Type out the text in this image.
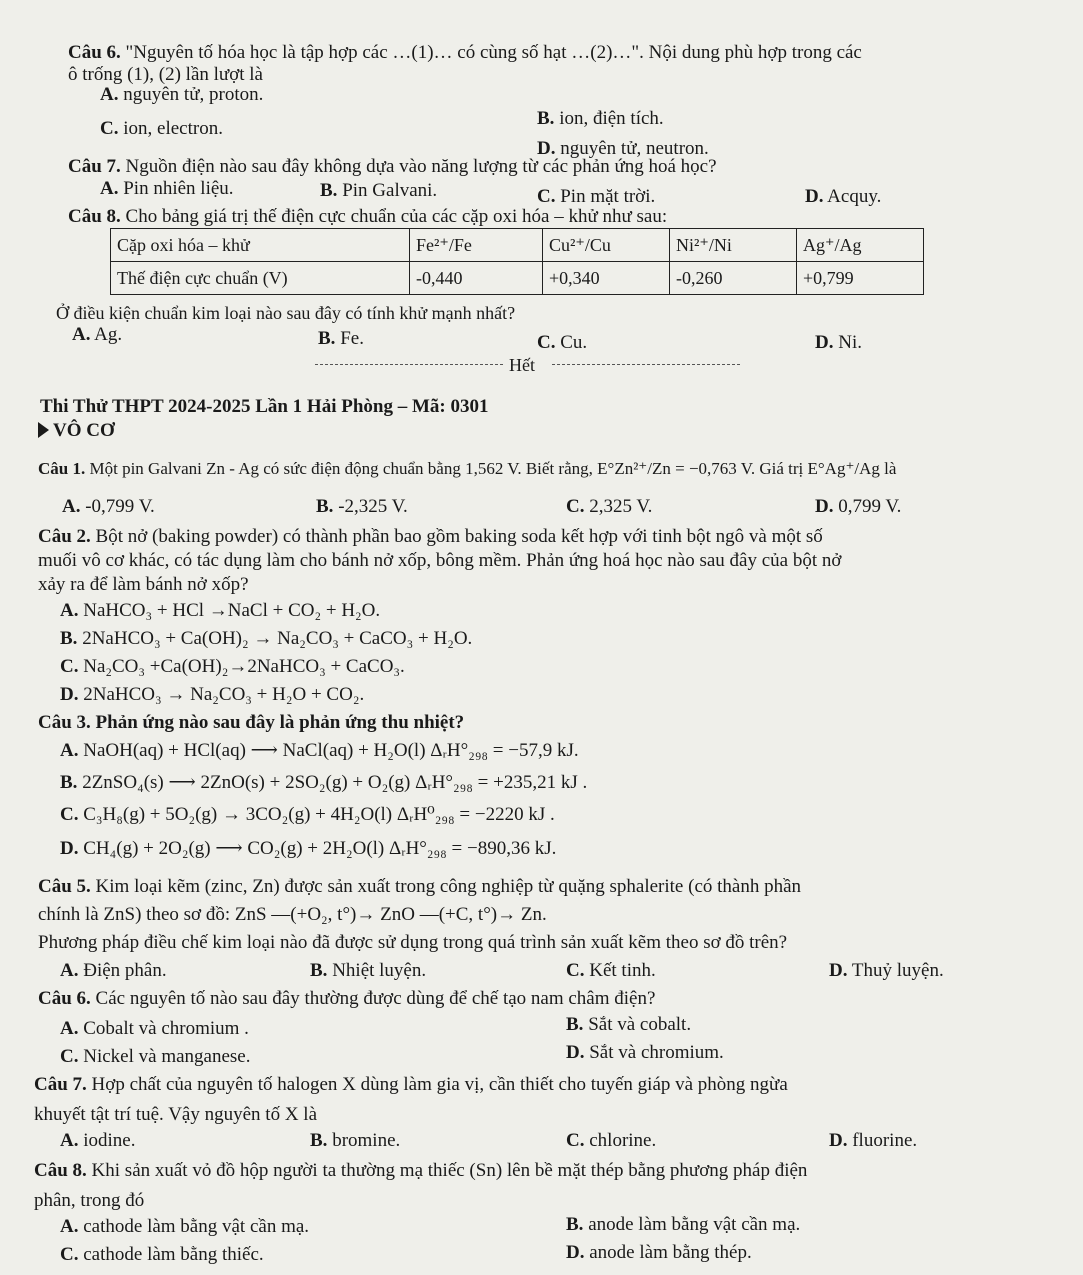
Câu 6. "Nguyên tố hóa học là tập hợp các …(1)… có cùng số hạt …(2)…". Nội dung phù hợp trong các
ô trống (1), (2) lần lượt là
A. nguyên tử, proton.
B. ion, điện tích.
C. ion, electron.
D. nguyên tử, neutron.
Câu 7. Nguồn điện nào sau đây không dựa vào năng lượng từ các phản ứng hoá học?
A. Pin nhiên liệu.	B. Pin Galvani.	C. Pin mặt trời.	D. Acquy.
Câu 8. Cho bảng giá trị thế điện cực chuẩn của các cặp oxi hóa – khử như sau:
Cặp oxi hóa – khử	Fe²⁺/Fe	Cu²⁺/Cu	Ni²⁺/Ni	Ag⁺/Ag
Thế điện cực chuẩn (V)	-0,440	+0,340	-0,260	+0,799
Ở điều kiện chuẩn kim loại nào sau đây có tính khử mạnh nhất?
A. Ag.	B. Fe.	C. Cu.	D. Ni.
Hết
Thi Thử THPT 2024-2025 Lần 1 Hải Phòng – Mã: 0301
VÔ CƠ
Câu 1. Một pin Galvani Zn - Ag có sức điện động chuẩn bằng 1,562 V. Biết rằng, E°Zn²⁺/Zn = −0,763 V. Giá trị E°Ag⁺/Ag là
A. -0,799 V.	B. -2,325 V.	C. 2,325 V.	D. 0,799 V.
Câu 2. Bột nở (baking powder) có thành phần bao gồm baking soda kết hợp với tinh bột ngô và một số
muối vô cơ khác, có tác dụng làm cho bánh nở xốp, bông mềm. Phản ứng hoá học nào sau đây của bột nở
xảy ra để làm bánh nở xốp?
A. NaHCO₃ + HCl →NaCl + CO₂ + H₂O.
B. 2NaHCO₃ + Ca(OH)₂ → Na₂CO₃ + CaCO₃ + H₂O.
C. Na₂CO₃ +Ca(OH)₂→2NaHCO₃ + CaCO₃.
D. 2NaHCO₃ → Na₂CO₃ + H₂O + CO₂.
Câu 3. Phản ứng nào sau đây là phản ứng thu nhiệt?
A. NaOH(aq) + HCl(aq) ⟶ NaCl(aq) + H₂O(l) ΔᵣH°₂₉₈ = −57,9 kJ.
B. 2ZnSO₄(s) ⟶ 2ZnO(s) + 2SO₂(g) + O₂(g) ΔᵣH°₂₉₈ = +235,21 kJ .
C. C₃H₈(g) + 5O₂(g) → 3CO₂(g) + 4H₂O(l) ΔᵣH⁰₂₉₈ = −2220 kJ .
D. CH₄(g) + 2O₂(g) ⟶ CO₂(g) + 2H₂O(l) ΔᵣH°₂₉₈ = −890,36 kJ.
Câu 5. Kim loại kẽm (zinc, Zn) được sản xuất trong công nghiệp từ quặng sphalerite (có thành phần
chính là ZnS) theo sơ đồ: ZnS —(+O₂, t°)→ ZnO —(+C, t°)→ Zn.
Phương pháp điều chế kim loại nào đã được sử dụng trong quá trình sản xuất kẽm theo sơ đồ trên?
A. Điện phân.	B. Nhiệt luyện.	C. Kết tinh.	D. Thuỷ luyện.
Câu 6. Các nguyên tố nào sau đây thường được dùng để chế tạo nam châm điện?
A. Cobalt và chromium .	B. Sắt và cobalt.
C. Nickel và manganese.	D. Sắt và chromium.
Câu 7. Hợp chất của nguyên tố halogen X dùng làm gia vị, cần thiết cho tuyến giáp và phòng ngừa
khuyết tật trí tuệ. Vậy nguyên tố X là
A. iodine.	B. bromine.	C. chlorine.	D. fluorine.
Câu 8. Khi sản xuất vỏ đồ hộp người ta thường mạ thiếc (Sn) lên bề mặt thép bằng phương pháp điện
phân, trong đó
A. cathode làm bằng vật cần mạ.	B. anode làm bằng vật cần mạ.
C. cathode làm bằng thiếc.	D. anode làm bằng thép.
